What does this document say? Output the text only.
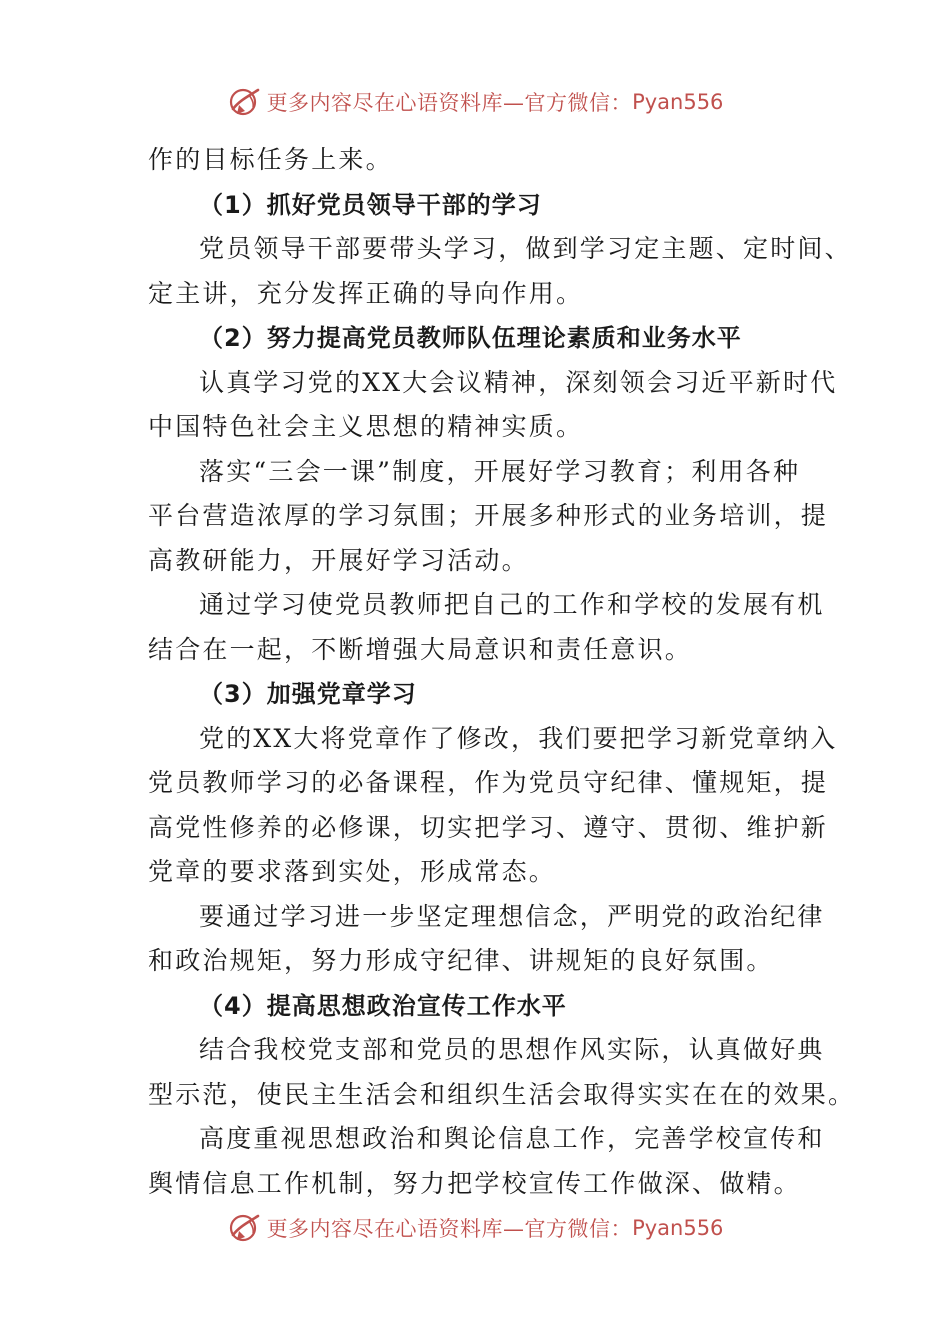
更多内容尽在心语资料库—官方微信： Pyan556
作的目标任务上来。
（1）抓好党员领导干部的学习
党员领导干部要带头学习，做到学习定主题、定时间、
定主讲，充分发挥正确的导向作用。
（2）努力提高党员教师队伍理论素质和业务水平
认真学习党的XX大会议精神，深刻领会习近平新时代
中国特色社会主义思想的精神实质。
落实“三会一课”制度，开展好学习教育；利用各种
平台营造浓厚的学习氛围；开展多种形式的业务培训，提
高教研能力，开展好学习活动。
通过学习使党员教师把自己的工作和学校的发展有机
结合在一起，不断增强大局意识和责任意识。
（3）加强党章学习
党的XX大将党章作了修改，我们要把学习新党章纳入
党员教师学习的必备课程，作为党员守纪律、懂规矩，提
高党性修养的必修课，切实把学习、遵守、贯彻、维护新
党章的要求落到实处，形成常态。
要通过学习进一步坚定理想信念，严明党的政治纪律
和政治规矩，努力形成守纪律、讲规矩的良好氛围。
（4）提高思想政治宣传工作水平
结合我校党支部和党员的思想作风实际，认真做好典
型示范，使民主生活会和组织生活会取得实实在在的效果。
高度重视思想政治和舆论信息工作，完善学校宣传和
舆情信息工作机制，努力把学校宣传工作做深、做精。
更多内容尽在心语资料库—官方微信： Pyan556
